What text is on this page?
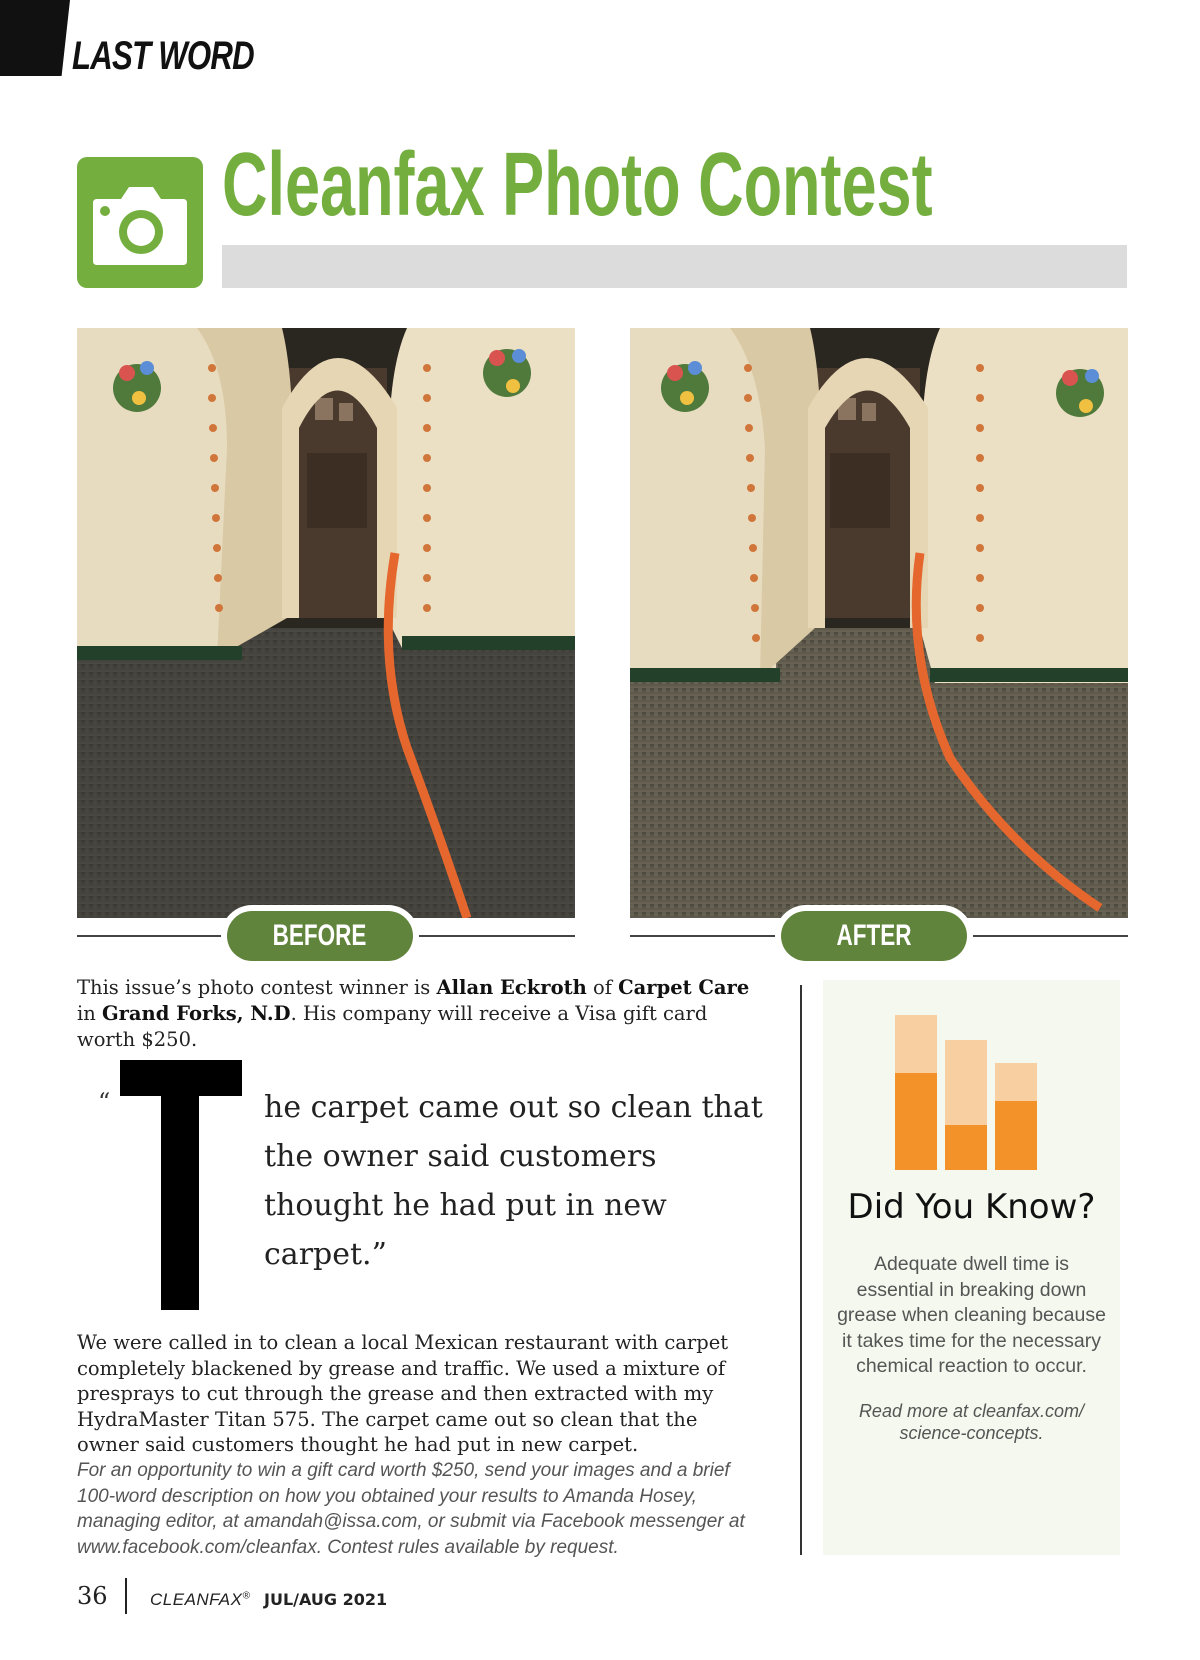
LAST WORD
Cleanfax Photo Contest
BEFORE	AFTER

This issue’s photo contest winner is Allan Eckroth of Carpet Care in Grand Forks, N.D. His company will receive a Visa gift card worth $250.

“	he carpet came out so clean that the owner said customers thought he had put in new carpet.”

We were called in to clean a local Mexican restaurant with carpet completely blackened by grease and traffic. We used a mixture of presprays to cut through the grease and then extracted with my HydraMaster Titan 575. The carpet came out so clean that the owner said customers thought he had put in new carpet.

For an opportunity to win a gift card worth $250, send your images and a brief 100-word description on how you obtained your results to Amanda Hosey, managing editor, at amandah@issa.com, or submit via Facebook messenger at www.facebook.com/cleanfax. Contest rules available by request.

Did You Know?

Adequate dwell time is essential in breaking down grease when cleaning because it takes time for the necessary chemical reaction to occur.

Read more at cleanfax.com/ science-concepts.

36 CLEANFAX® JUL/AUG 2021
